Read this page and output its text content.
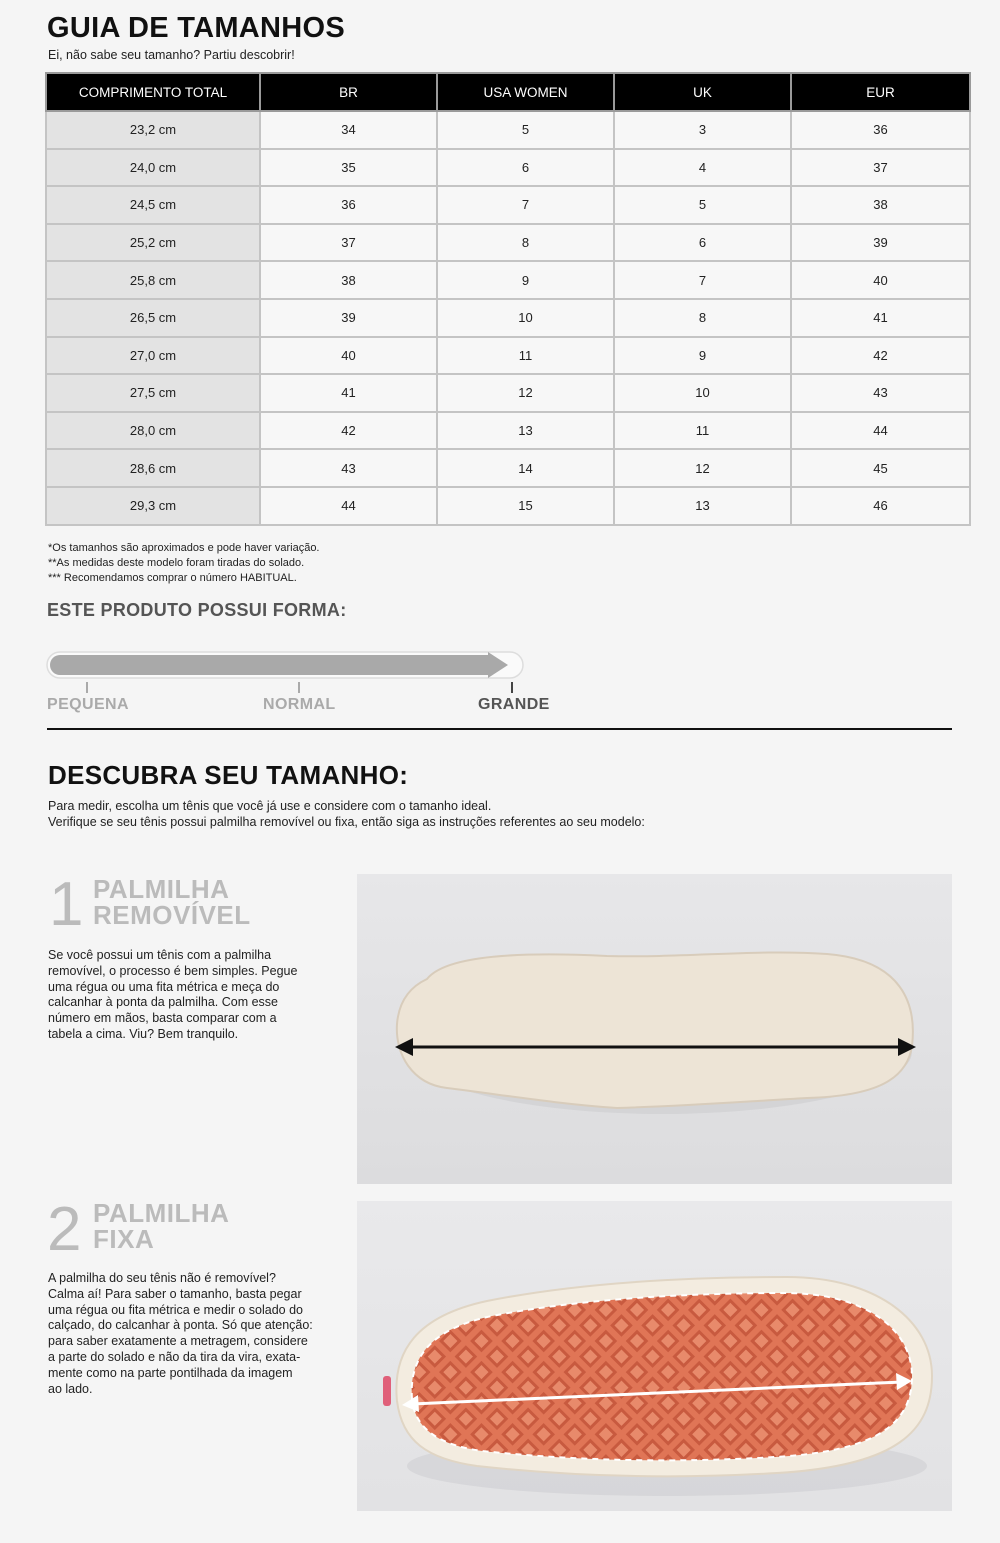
GUIA DE TAMANHOS
Ei, não sabe seu tamanho? Partiu descobrir!
COMPRIMENTO TOTAL	BR	USA WOMEN	UK	EUR
23,2 cm	34	5	3	36
24,0 cm	35	6	4	37
24,5 cm	36	7	5	38
25,2 cm	37	8	6	39
25,8 cm	38	9	7	40
26,5 cm	39	10	8	41
27,0 cm	40	11	9	42
27,5 cm	41	12	10	43
28,0 cm	42	13	11	44
28,6 cm	43	14	12	45
29,3 cm	44	15	13	46
*Os tamanhos são aproximados e pode haver variação.
**As medidas deste modelo foram tiradas do solado.
*** Recomendamos comprar o número HABITUAL.
ESTE PRODUTO POSSUI FORMA:
PEQUENA	NORMAL	GRANDE
DESCUBRA SEU TAMANHO:
Para medir, escolha um tênis que você já use e considere com o tamanho ideal.
Verifique se seu tênis possui palmilha removível ou fixa, então siga as instruções referentes ao seu modelo:
1 PALMILHA
REMOVÍVEL
Se você possui um tênis com a palmilha
removível, o processo é bem simples. Pegue
uma régua ou uma fita métrica e meça do
calcanhar à ponta da palmilha. Com esse
número em mãos, basta comparar com a
tabela a cima. Viu? Bem tranquilo.
2 PALMILHA
FIXA
A palmilha do seu tênis não é removível?
Calma aí! Para saber o tamanho, basta pegar
uma régua ou fita métrica e medir o solado do
calçado, do calcanhar à ponta. Só que atenção:
para saber exatamente a metragem, considere
a parte do solado e não da tira da vira, exata-
mente como na parte pontilhada da imagem
ao lado.
